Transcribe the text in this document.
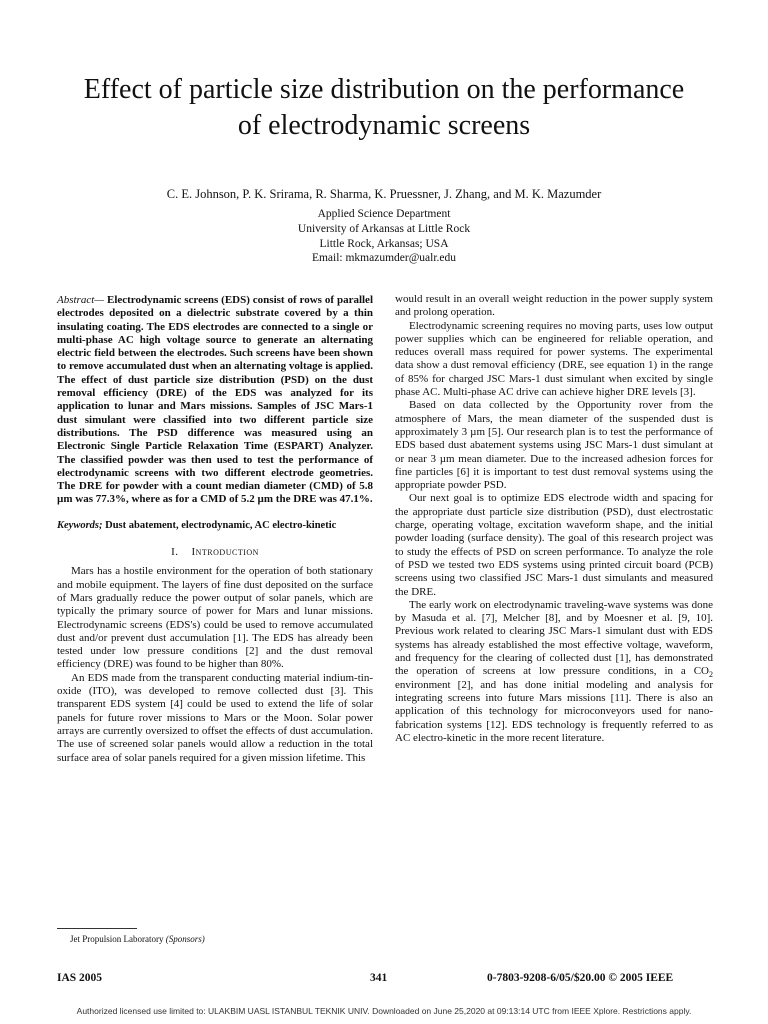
Effect of particle size distribution on the performance
of electrodynamic screens
C. E. Johnson, P. K. Srirama, R. Sharma, K. Pruessner, J. Zhang, and M. K. Mazumder
Applied Science Department
University of Arkansas at Little Rock
Little Rock, Arkansas; USA
Email: mkmazumder@ualr.edu

Abstract— Electrodynamic screens (EDS) consist of rows of parallel electrodes deposited on a dielectric substrate covered by a thin insulating coating. The EDS electrodes are connected to a single or multi-phase AC high voltage source to generate an alternating electric field between the electrodes. Such screens have been shown to remove accumulated dust when an alternating voltage is applied. The effect of dust particle size distribution (PSD) on the dust removal efficiency (DRE) of the EDS was analyzed for its application to lunar and Mars missions. Samples of JSC Mars-1 dust simulant were classified into two different particle size distributions. The PSD difference was measured using an Electronic Single Particle Relaxation Time (ESPART) Analyzer. The classified powder was then used to test the performance of electrodynamic screens with two different electrode geometries. The DRE for powder with a count median diameter (CMD) of 5.8 µm was 77.3%, where as for a CMD of 5.2 µm the DRE was 47.1%.

Keywords; Dust abatement, electrodynamic, AC electro-kinetic

I. Introduction

Mars has a hostile environment for the operation of both stationary and mobile equipment. The layers of fine dust deposited on the surface of Mars gradually reduce the power output of solar panels, which are typically the primary source of power for Mars and lunar missions. Electrodynamic screens (EDS's) could be used to remove accumulated dust and/or prevent dust accumulation [1]. The EDS has already been tested under low pressure conditions [2] and the dust removal efficiency (DRE) was found to be higher than 80%.

An EDS made from the transparent conducting material indium-tin-oxide (ITO), was developed to remove collected dust [3]. This transparent EDS system [4] could be used to extend the life of solar panels for future rover missions to Mars or the Moon. Solar power arrays are currently oversized to offset the effects of dust accumulation. The use of screened solar panels would allow a reduction in the total surface area of solar panels required for a given mission lifetime. This

would result in an overall weight reduction in the power supply system and prolong operation.

Electrodynamic screening requires no moving parts, uses low output power supplies which can be engineered for reliable operation, and reduces overall mass required for power systems. The experimental data show a dust removal efficiency (DRE, see equation 1) in the range of 85% for charged JSC Mars-1 dust simulant when excited by single phase AC. Multi-phase AC drive can achieve higher DRE levels [3].

Based on data collected by the Opportunity rover from the atmosphere of Mars, the mean diameter of the suspended dust is approximately 3 µm [5]. Our research plan is to test the performance of EDS based dust abatement systems using JSC Mars-1 dust simulant at or near 3 µm mean diameter. Due to the increased adhesion forces for fine particles [6] it is important to test dust removal systems using the appropriate powder PSD.

Our next goal is to optimize EDS electrode width and spacing for the appropriate dust particle size distribution (PSD), dust electrostatic charge, operating voltage, excitation waveform shape, and the initial powder loading (surface density). The goal of this research project was to study the effects of PSD on screen performance. To analyze the role of PSD we tested two EDS systems using printed circuit board (PCB) screens using two classified JSC Mars-1 dust simulants and measured the DRE.

The early work on electrodynamic traveling-wave systems was done by Masuda et al. [7], Melcher [8], and by Moesner et al. [9, 10]. Previous work related to clearing JSC Mars-1 simulant dust with EDS systems has already established the most effective voltage, waveform, and frequency for the clearing of collected dust [1], has demonstrated the operation of screens at low pressure conditions, in a $CO_2$ environment [2], and has done initial modeling and analysis for integrating screens into future Mars missions [11]. There is also an application of this technology for microconveyors used for nano-fabrication systems [12]. EDS technology is frequently referred to as AC electro-kinetic in the more recent literature.

Jet Propulsion Laboratory (Sponsors)
IAS 2005	341	0-7803-9208-6/05/$20.00 © 2005 IEEE
Authorized licensed use limited to: ULAKBIM UASL ISTANBUL TEKNIK UNIV. Downloaded on June 25,2020 at 09:13:14 UTC from IEEE Xplore. Restrictions apply.
